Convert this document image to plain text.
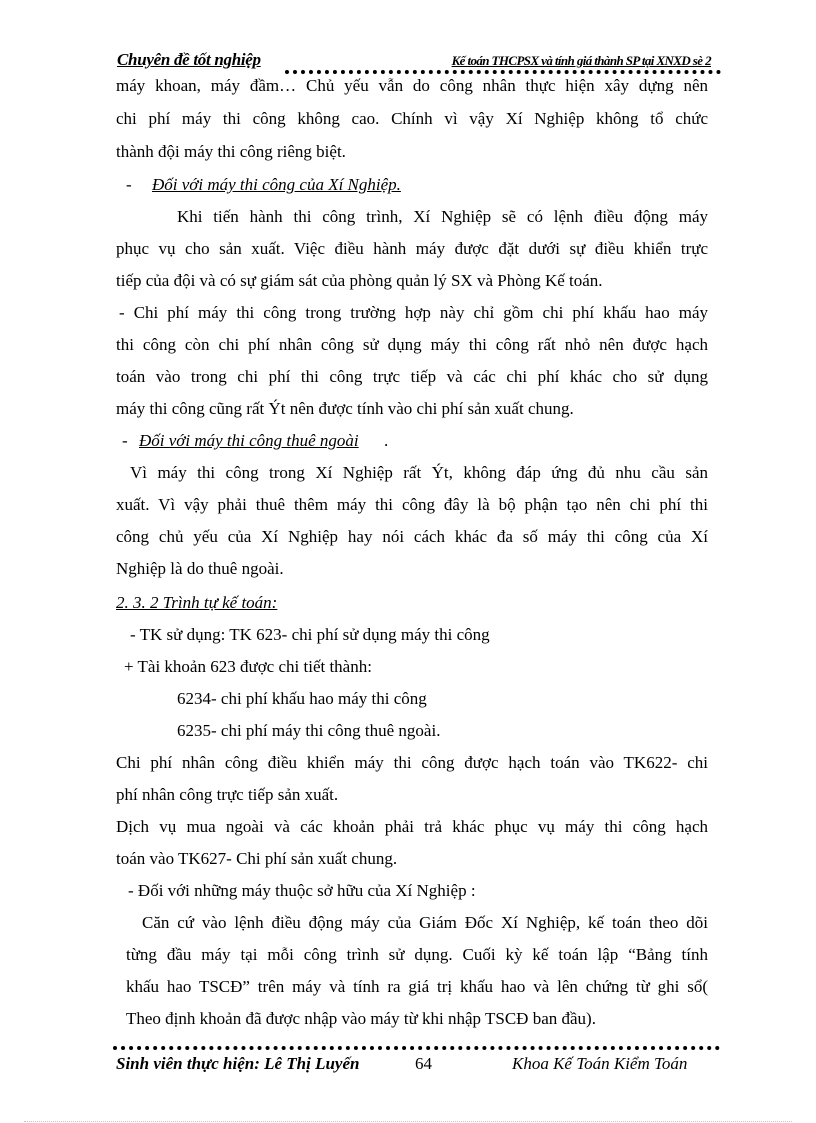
Chuyên đề tốt nghiệp	Kế toán THCPSX và tính giá thành SP tại XNXD sè 2
máy khoan, máy đầm… Chủ yếu vẫn do công nhân thực hiện xây dựng nên
chi phí máy thi công không cao. Chính vì vậy Xí Nghiệp không tổ chức
thành đội máy thi công riêng biệt.
- Đối với máy thi công của Xí Nghiệp.
Khi tiến hành thi công trình, Xí Nghiệp sẽ có lệnh điều động máy
phục vụ cho sản xuất. Việc điều hành máy được đặt dưới sự điều khiển trực
tiếp của đội và có sự giám sát của phòng quản lý SX và Phòng Kế toán.
- Chi phí máy thi công trong trường hợp này chỉ gồm chi phí khấu hao máy
thi công còn chi phí nhân công sử dụng máy thi công rất nhỏ nên được hạch
toán vào trong chi phí thi công trực tiếp và các chi phí khác cho sử dụng
máy thi công cũng rất Ýt nên được tính vào chi phí sản xuất chung.
- Đối với máy thi công thuê ngoài .
Vì máy thi công trong Xí Nghiệp rất Ýt, không đáp ứng đủ nhu cầu sản
xuất. Vì vậy phải thuê thêm máy thi công đây là bộ phận tạo nên chi phí thi
công chủ yếu của Xí Nghiệp hay nói cách khác đa số máy thi công của Xí
Nghiệp là do thuê ngoài.
2. 3. 2 Trình tự kế toán:
- TK sử dụng: TK 623- chi phí sử dụng máy thi công
+ Tài khoản 623 được chi tiết thành:
6234- chi phí khấu hao máy thi công
6235- chi phí máy thi công thuê ngoài.
Chi phí nhân công điều khiển máy thi công được hạch toán vào TK622- chi
phí nhân công trực tiếp sản xuất.
Dịch vụ mua ngoài và các khoản phải trả khác phục vụ máy thi công hạch
toán vào TK627- Chi phí sản xuất chung.
- Đối với những máy thuộc sở hữu của Xí Nghiệp :
Căn cứ vào lệnh điều động máy của Giám Đốc Xí Nghiệp, kế toán theo dõi
từng đầu máy tại mỗi công trình sử dụng. Cuối kỳ kế toán lập “Bảng tính
khấu hao TSCĐ” trên máy và tính ra giá trị khấu hao và lên chứng từ ghi sổ(
Theo định khoản đã được nhập vào máy từ khi nhập TSCĐ ban đầu).
Sinh viên thực hiện: Lê Thị Luyến	64	Khoa Kế Toán Kiểm Toán
